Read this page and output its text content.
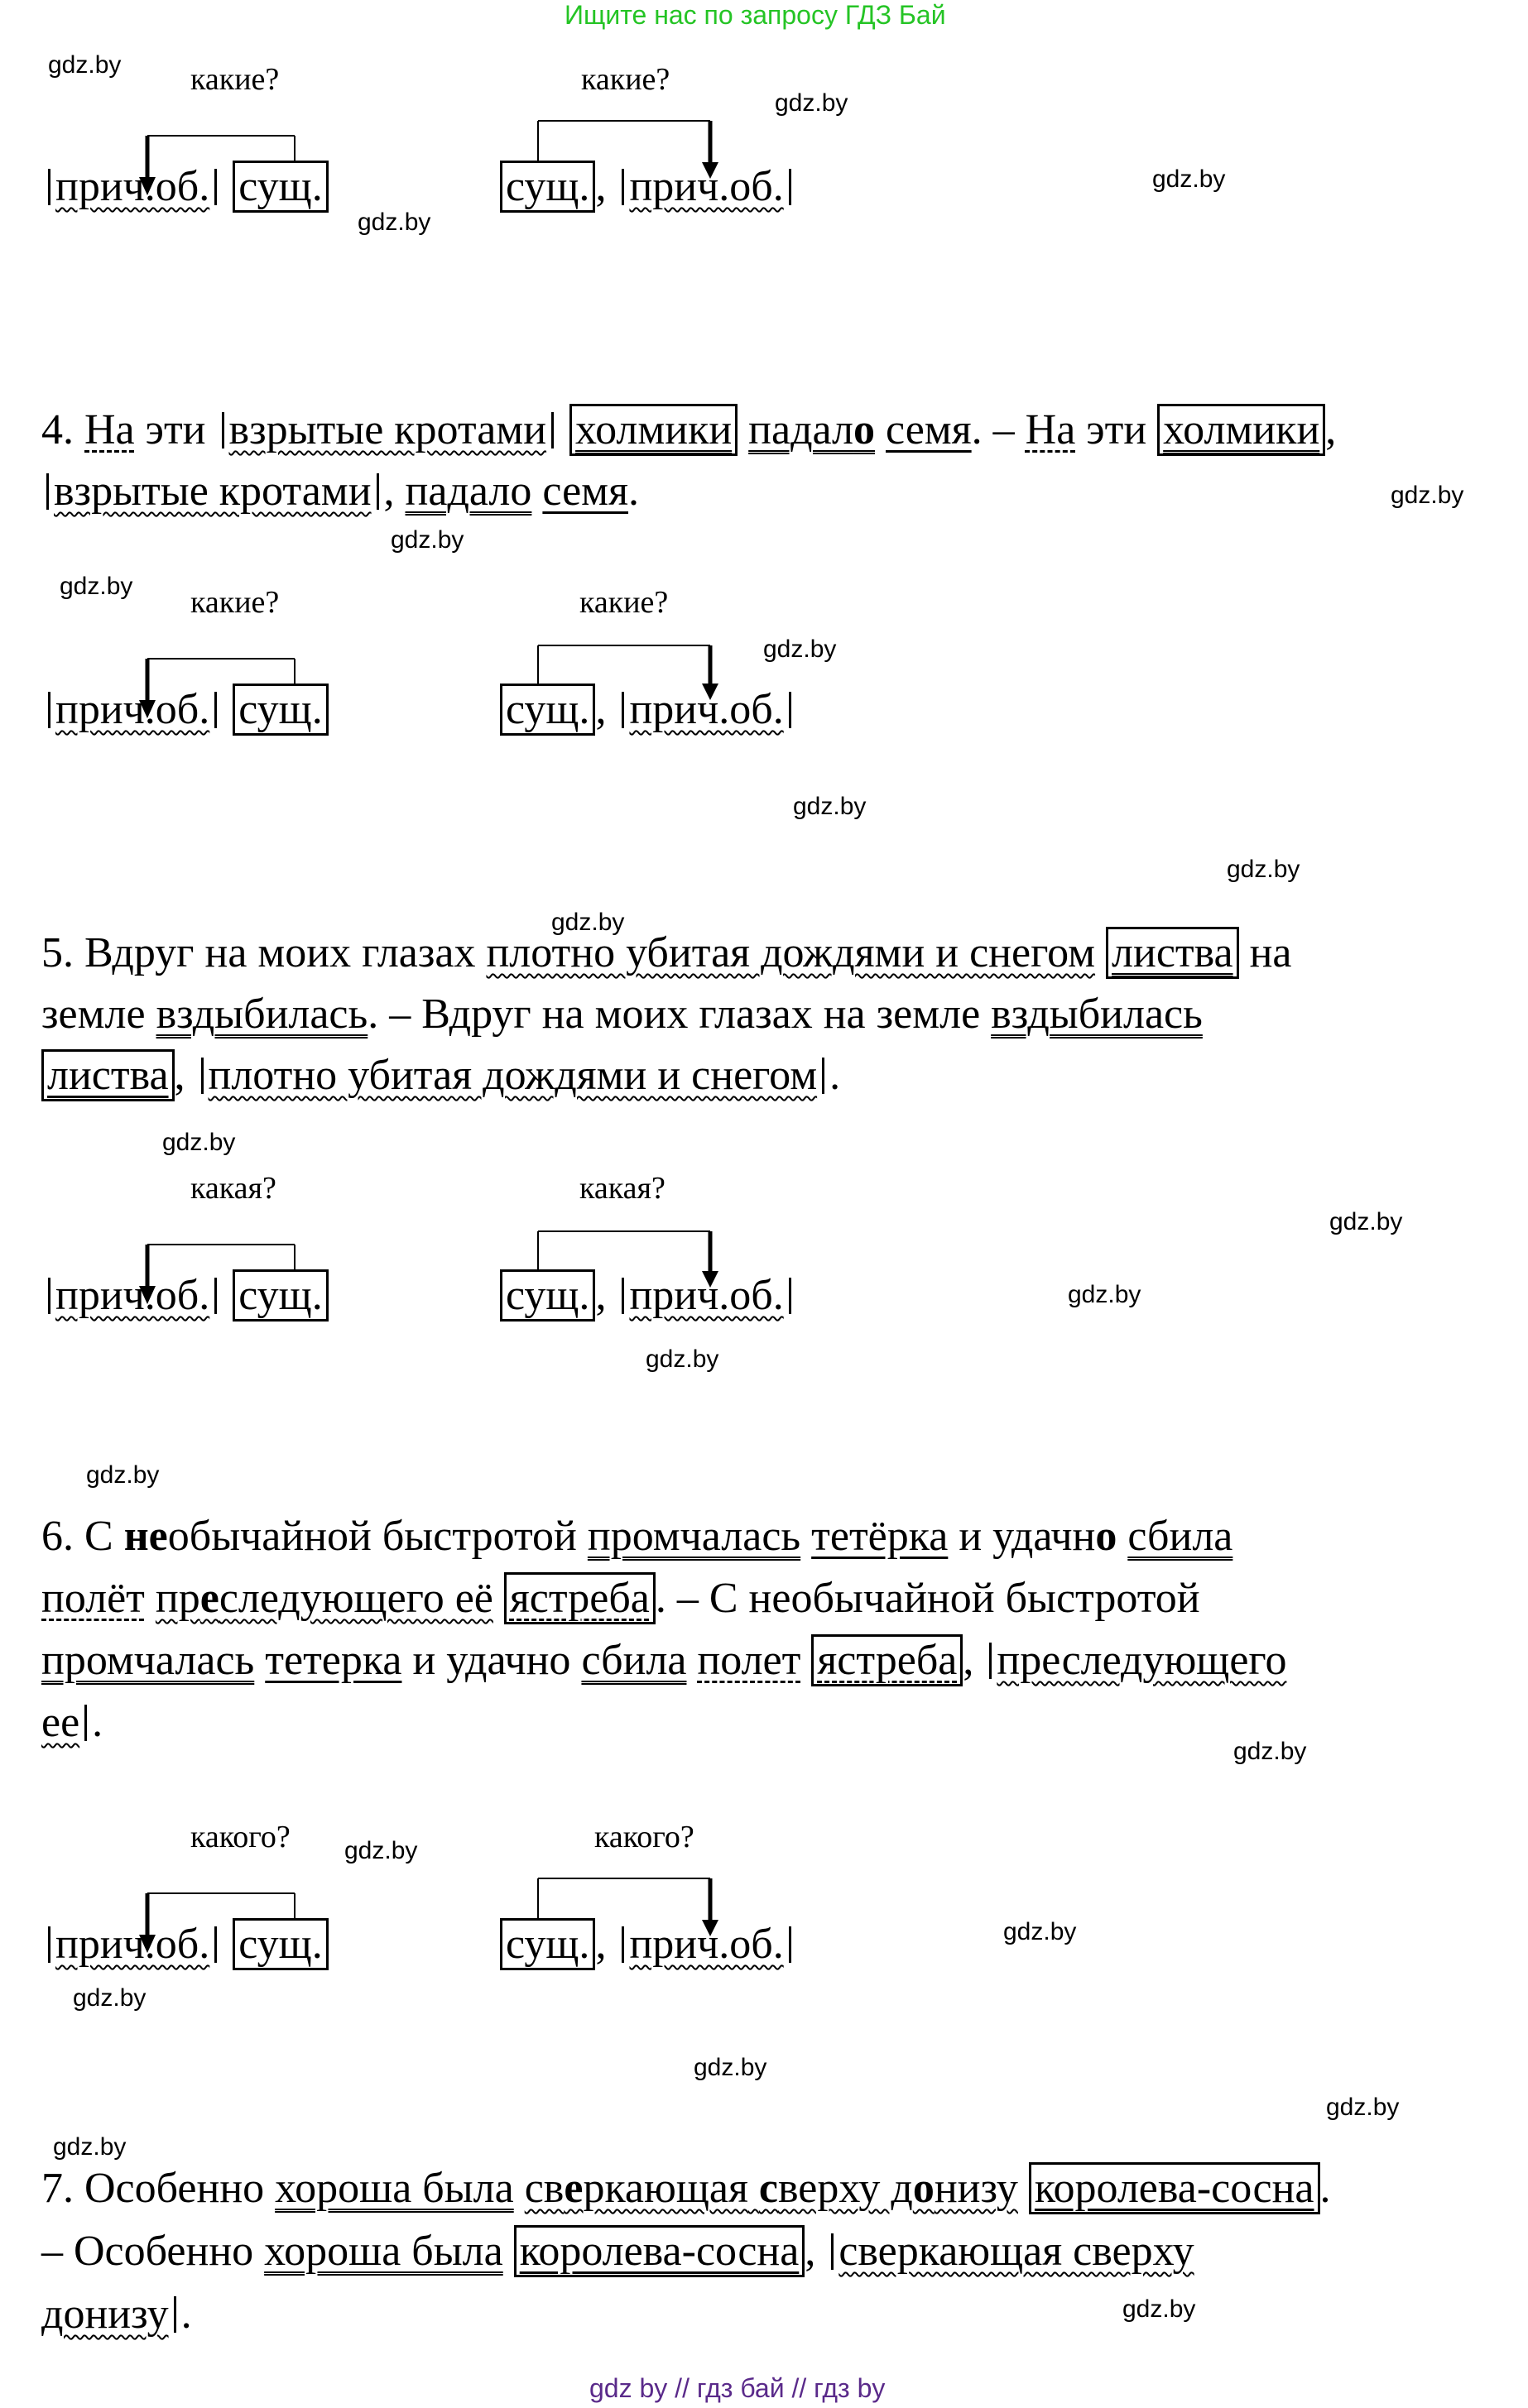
Ищите нас по запросу ГДЗ Бай
gdz.by какие?	какие?
gdz.by
gdz.by
gdz.by
прич.об. сущ.	сущ. , прич.об.
4. На эти взрытые кротами холмики падало семя. – На эти холмики ,
взрытые кротами , падало семя.	gdz.by
gdz.by
gdz.by какие?	какие?
gdz.by
прич.об. сущ.	сущ. , прич.об.
gdz.by
gdz.by
gdz.by
5. Вдруг на моих глазах плотно убитая дождями и снегом листва на
земле вздыбилась. – Вдруг на моих глазах на земле вздыбилась
листва , плотно убитая дождями и снегом .
gdz.by
какая?	какая?
gdz.by
gdz.by
прич.об. сущ.	сущ. , прич.об.
gdz.by
gdz.by
6. С необычайной быстротой промчалась тетёрка и удачно сбила
полёт преследующего её ястреба . – С необычайной быстротой
промчалась тетерка и удачно сбила полет ястреба , преследующего
ее .
gdz.by
какого?	какого?
gdz.by
gdz.by
прич.об. сущ.	сущ. , прич.об.
gdz.by
gdz.by
gdz.by
gdz.by
7. Особенно хороша была сверкающая сверху донизу королева-сосна .
– Особенно хороша была королева-сосна , сверкающая сверху
донизу .	gdz.by
gdz by // гдз бай // гдз by
